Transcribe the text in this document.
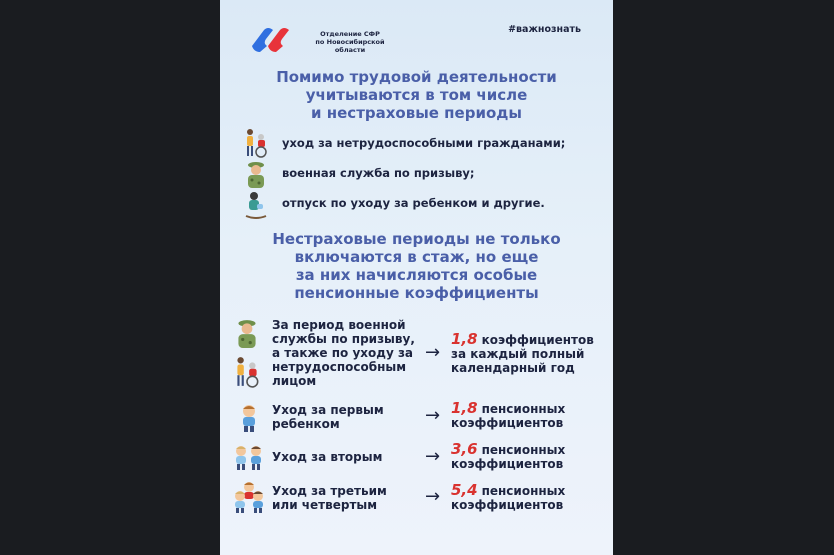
Отделение СФР
по Новосибирской
области
#важнознать
Помимо трудовой деятельности
учитываются в том числе
и нестраховые периоды
уход за нетрудоспособными гражданами;
военная служба по призыву;
отпуск по уходу за ребенком и другие.
Нестраховые периоды не только
включаются в стаж, но еще
за них начисляются особые
пенсионные коэффициенты
За период военной
службы по призыву,
а также по уходу за
нетрудоспособным
лицом
→
1,8 коэффициентов
за каждый полный
календарный год
Уход за первым
ребенком	→ 1,8 пенсионных
коэффициентов
Уход за вторым → 3,6 пенсионных
коэффициентов
Уход за третьим
или четвертым	→ 5,4 пенсионных
коэффициентов
